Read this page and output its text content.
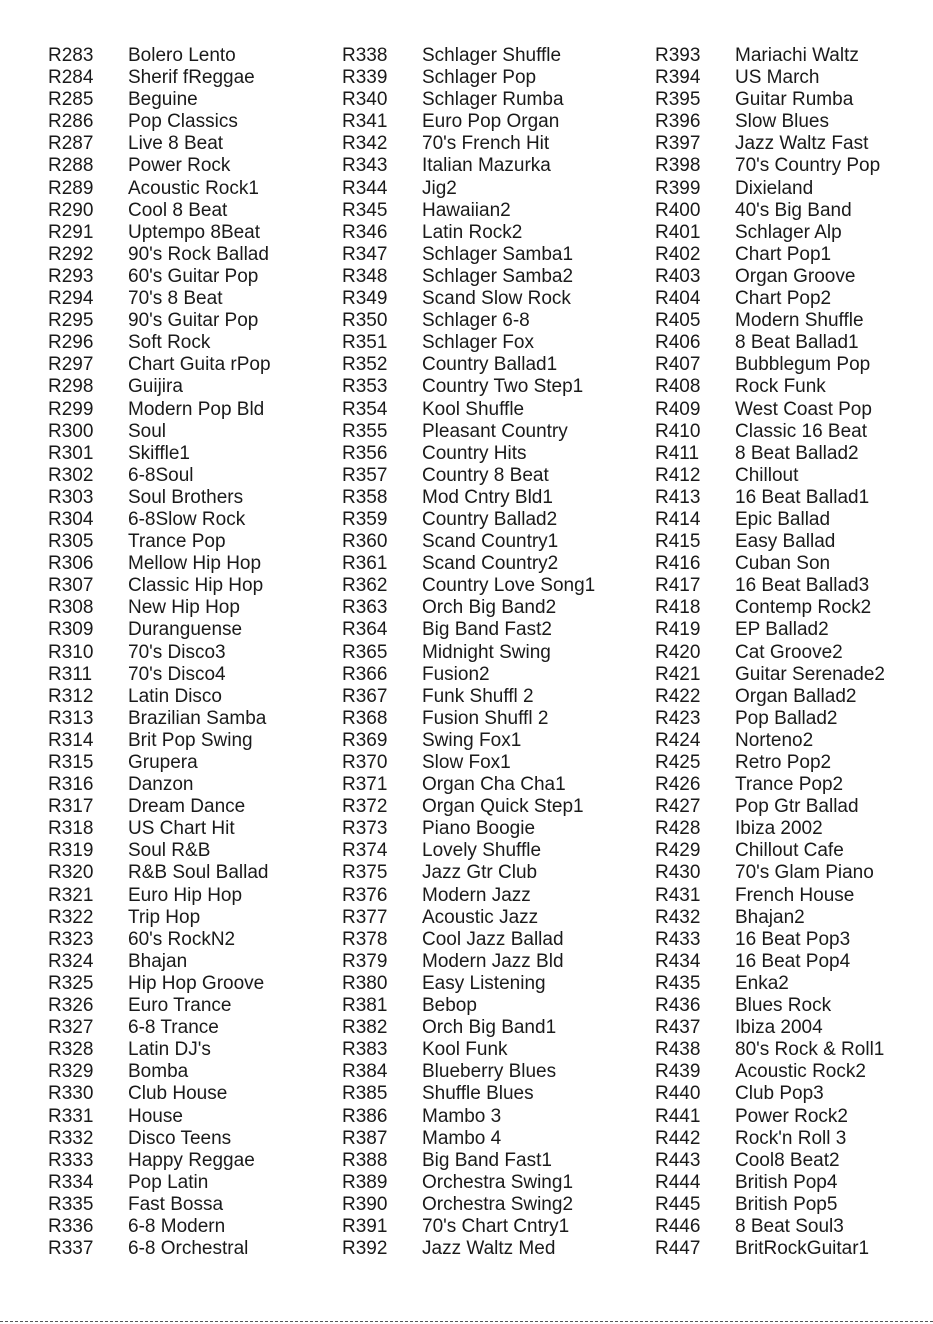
R283 Bolero Lento
R284 Sherif fReggae
R285 Beguine
R286 Pop Classics
R287 Live 8 Beat
R288 Power Rock
R289 Acoustic Rock1
R290 Cool 8 Beat
R291 Uptempo 8Beat
R292 90's Rock Ballad
R293 60's Guitar Pop
R294 70's 8 Beat
R295 90's Guitar Pop
R296 Soft Rock
R297 Chart Guita rPop
R298 Guijira
R299 Modern Pop Bld
R300 Soul
R301 Skiffle1
R302 6-8Soul
R303 Soul Brothers
R304 6-8Slow Rock
R305 Trance Pop
R306 Mellow Hip Hop
R307 Classic Hip Hop
R308 New Hip Hop
R309 Duranguense
R310 70's Disco3
R311 70's Disco4
R312 Latin Disco
R313 Brazilian Samba
R314 Brit Pop Swing
R315 Grupera
R316 Danzon
R317 Dream Dance
R318 US Chart Hit
R319 Soul R&B
R320 R&B Soul Ballad
R321 Euro Hip Hop
R322 Trip Hop
R323 60's RockN2
R324 Bhajan
R325 Hip Hop Groove
R326 Euro Trance
R327 6-8 Trance
R328 Latin DJ's
R329 Bomba
R330 Club House
R331 House
R332 Disco Teens
R333 Happy Reggae
R334 Pop Latin
R335 Fast Bossa
R336 6-8 Modern
R337 6-8 Orchestral
R338 Schlager Shuffle
R339 Schlager Pop
R340 Schlager Rumba
R341 Euro Pop Organ
R342 70's French Hit
R343 Italian Mazurka
R344 Jig2
R345 Hawaiian2
R346 Latin Rock2
R347 Schlager Samba1
R348 Schlager Samba2
R349 Scand Slow Rock
R350 Schlager 6-8
R351 Schlager Fox
R352 Country Ballad1
R353 Country Two Step1
R354 Kool Shuffle
R355 Pleasant Country
R356 Country Hits
R357 Country 8 Beat
R358 Mod Cntry Bld1
R359 Country Ballad2
R360 Scand Country1
R361 Scand Country2
R362 Country Love Song1
R363 Orch Big Band2
R364 Big Band Fast2
R365 Midnight Swing
R366 Fusion2
R367 Funk Shuffl 2
R368 Fusion Shuffl 2
R369 Swing Fox1
R370 Slow Fox1
R371 Organ Cha Cha1
R372 Organ Quick Step1
R373 Piano Boogie
R374 Lovely Shuffle
R375 Jazz Gtr Club
R376 Modern Jazz
R377 Acoustic Jazz
R378 Cool Jazz Ballad
R379 Modern Jazz Bld
R380 Easy Listening
R381 Bebop
R382 Orch Big Band1
R383 Kool Funk
R384 Blueberry Blues
R385 Shuffle Blues
R386 Mambo 3
R387 Mambo 4
R388 Big Band Fast1
R389 Orchestra Swing1
R390 Orchestra Swing2
R391 70's Chart Cntry1
R392 Jazz Waltz Med
R393 Mariachi Waltz
R394 US March
R395 Guitar Rumba
R396 Slow Blues
R397 Jazz Waltz Fast
R398 70's Country Pop
R399 Dixieland
R400 40's Big Band
R401 Schlager Alp
R402 Chart Pop1
R403 Organ Groove
R404 Chart Pop2
R405 Modern Shuffle
R406 8 Beat Ballad1
R407 Bubblegum Pop
R408 Rock Funk
R409 West Coast Pop
R410 Classic 16 Beat
R411 8 Beat Ballad2
R412 Chillout
R413 16 Beat Ballad1
R414 Epic Ballad
R415 Easy Ballad
R416 Cuban Son
R417 16 Beat Ballad3
R418 Contemp Rock2
R419 EP Ballad2
R420 Cat Groove2
R421 Guitar Serenade2
R422 Organ Ballad2
R423 Pop Ballad2
R424 Norteno2
R425 Retro Pop2
R426 Trance Pop2
R427 Pop Gtr Ballad
R428 Ibiza 2002
R429 Chillout Cafe
R430 70's Glam Piano
R431 French House
R432 Bhajan2
R433 16 Beat Pop3
R434 16 Beat Pop4
R435 Enka2
R436 Blues Rock
R437 Ibiza 2004
R438 80's Rock & Roll1
R439 Acoustic Rock2
R440 Club Pop3
R441 Power Rock2
R442 Rock'n Roll 3
R443 Cool8 Beat2
R444 British Pop4
R445 British Pop5
R446 8 Beat Soul3
R447 BritRockGuitar1
